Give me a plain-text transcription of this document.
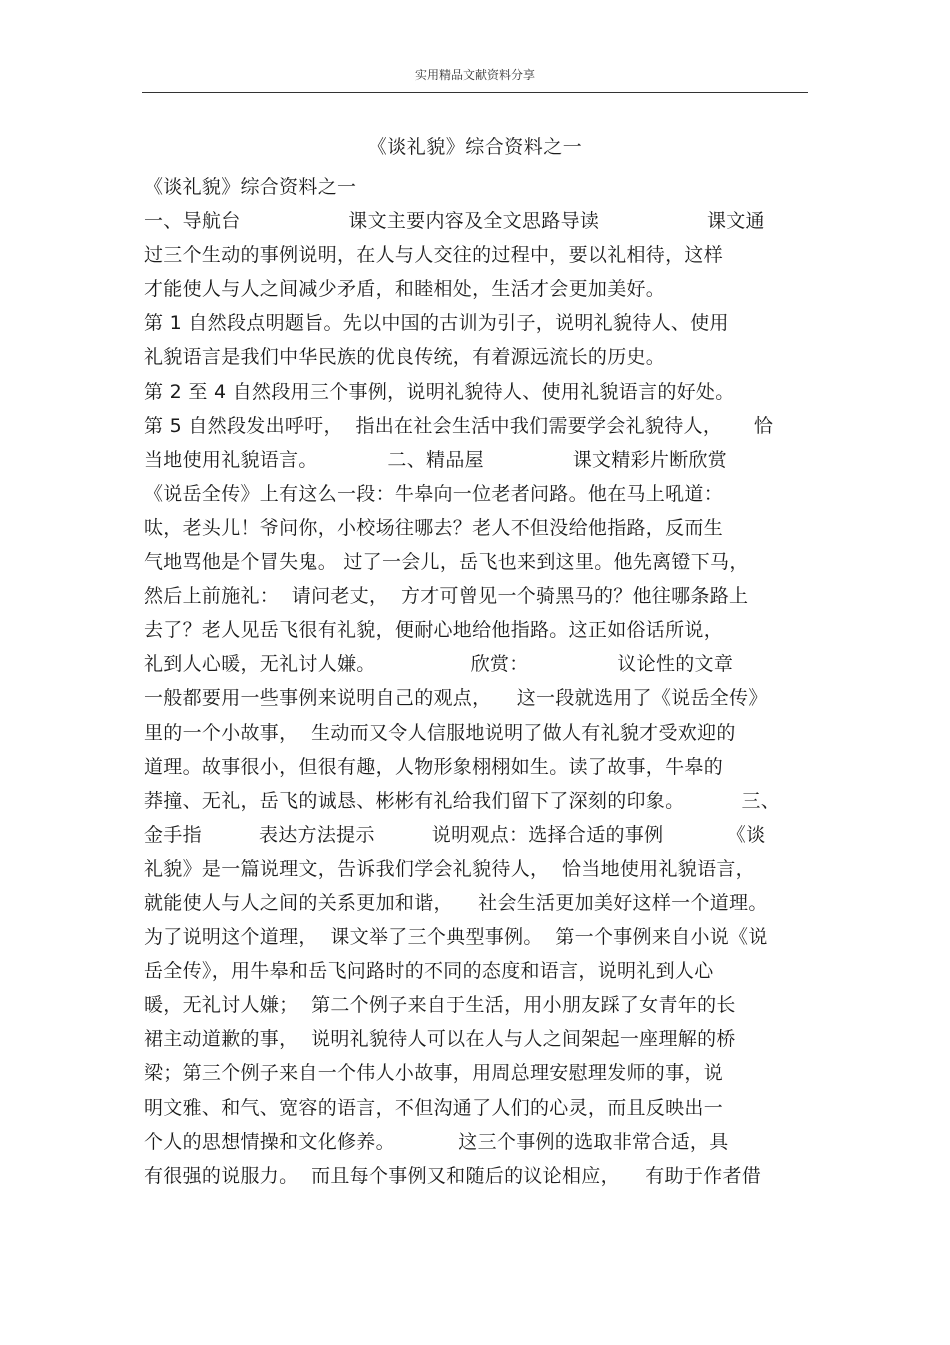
实用精品文献资料分享
《谈礼貌》综合资料之一
《谈礼貌》综合资料之一
一、导航台                 课文主要内容及全文思路导读                 课文通
过三个生动的事例说明，在人与人交往的过程中，要以礼相待，这样
才能使人与人之间减少矛盾，和睦相处，生活才会更加美好。
第 1 自然段点明题旨。先以中国的古训为引子，说明礼貌待人、使用
礼貌语言是我们中华民族的优良传统，有着源远流长的历史。
第 2 至 4 自然段用三个事例，说明礼貌待人、使用礼貌语言的好处。
第 5 自然段发出呼吁，  指出在社会生活中我们需要学会礼貌待人，     恰
当地使用礼貌语言。           二、精品屋              课文精彩片断欣赏
《说岳全传》上有这么一段：牛皋向一位老者问路。他在马上吼道：
呔，老头儿！爷问你，小校场往哪去？老人不但没给他指路，反而生
气地骂他是个冒失鬼。 过了一会儿，岳飞也来到这里。他先离镫下马，
然后上前施礼：  请问老丈，  方才可曾见一个骑黑马的？他往哪条路上
去了？老人见岳飞很有礼貌，便耐心地给他指路。这正如俗话所说，
礼到人心暖，无礼讨人嫌。               欣赏：              议论性的文章
一般都要用一些事例来说明自己的观点，    这一段就选用了《说岳全传》
里的一个小故事，  生动而又令人信服地说明了做人有礼貌才受欢迎的
道理。故事很小，但很有趣，人物形象栩栩如生。读了故事，牛皋的
莽撞、无礼，岳飞的诚恳、彬彬有礼给我们留下了深刻的印象。         三、
金手指         表达方法提示         说明观点：选择合适的事例          《谈
礼貌》是一篇说理文，告诉我们学会礼貌待人，  恰当地使用礼貌语言，
就能使人与人之间的关系更加和谐，    社会生活更加美好这样一个道理。
为了说明这个道理，  课文举了三个典型事例。  第一个事例来自小说《说
岳全传》，用牛皋和岳飞问路时的不同的态度和语言，说明礼到人心
暖，无礼讨人嫌；  第二个例子来自于生活，用小朋友踩了女青年的长
裙主动道歉的事，  说明礼貌待人可以在人与人之间架起一座理解的桥
梁；第三个例子来自一个伟人小故事，用周总理安慰理发师的事，说
明文雅、和气、宽容的语言，不但沟通了人们的心灵，而且反映出一
个人的思想情操和文化修养。          这三个事例的选取非常合适，具
有很强的说服力。  而且每个事例又和随后的议论相应，    有助于作者借
